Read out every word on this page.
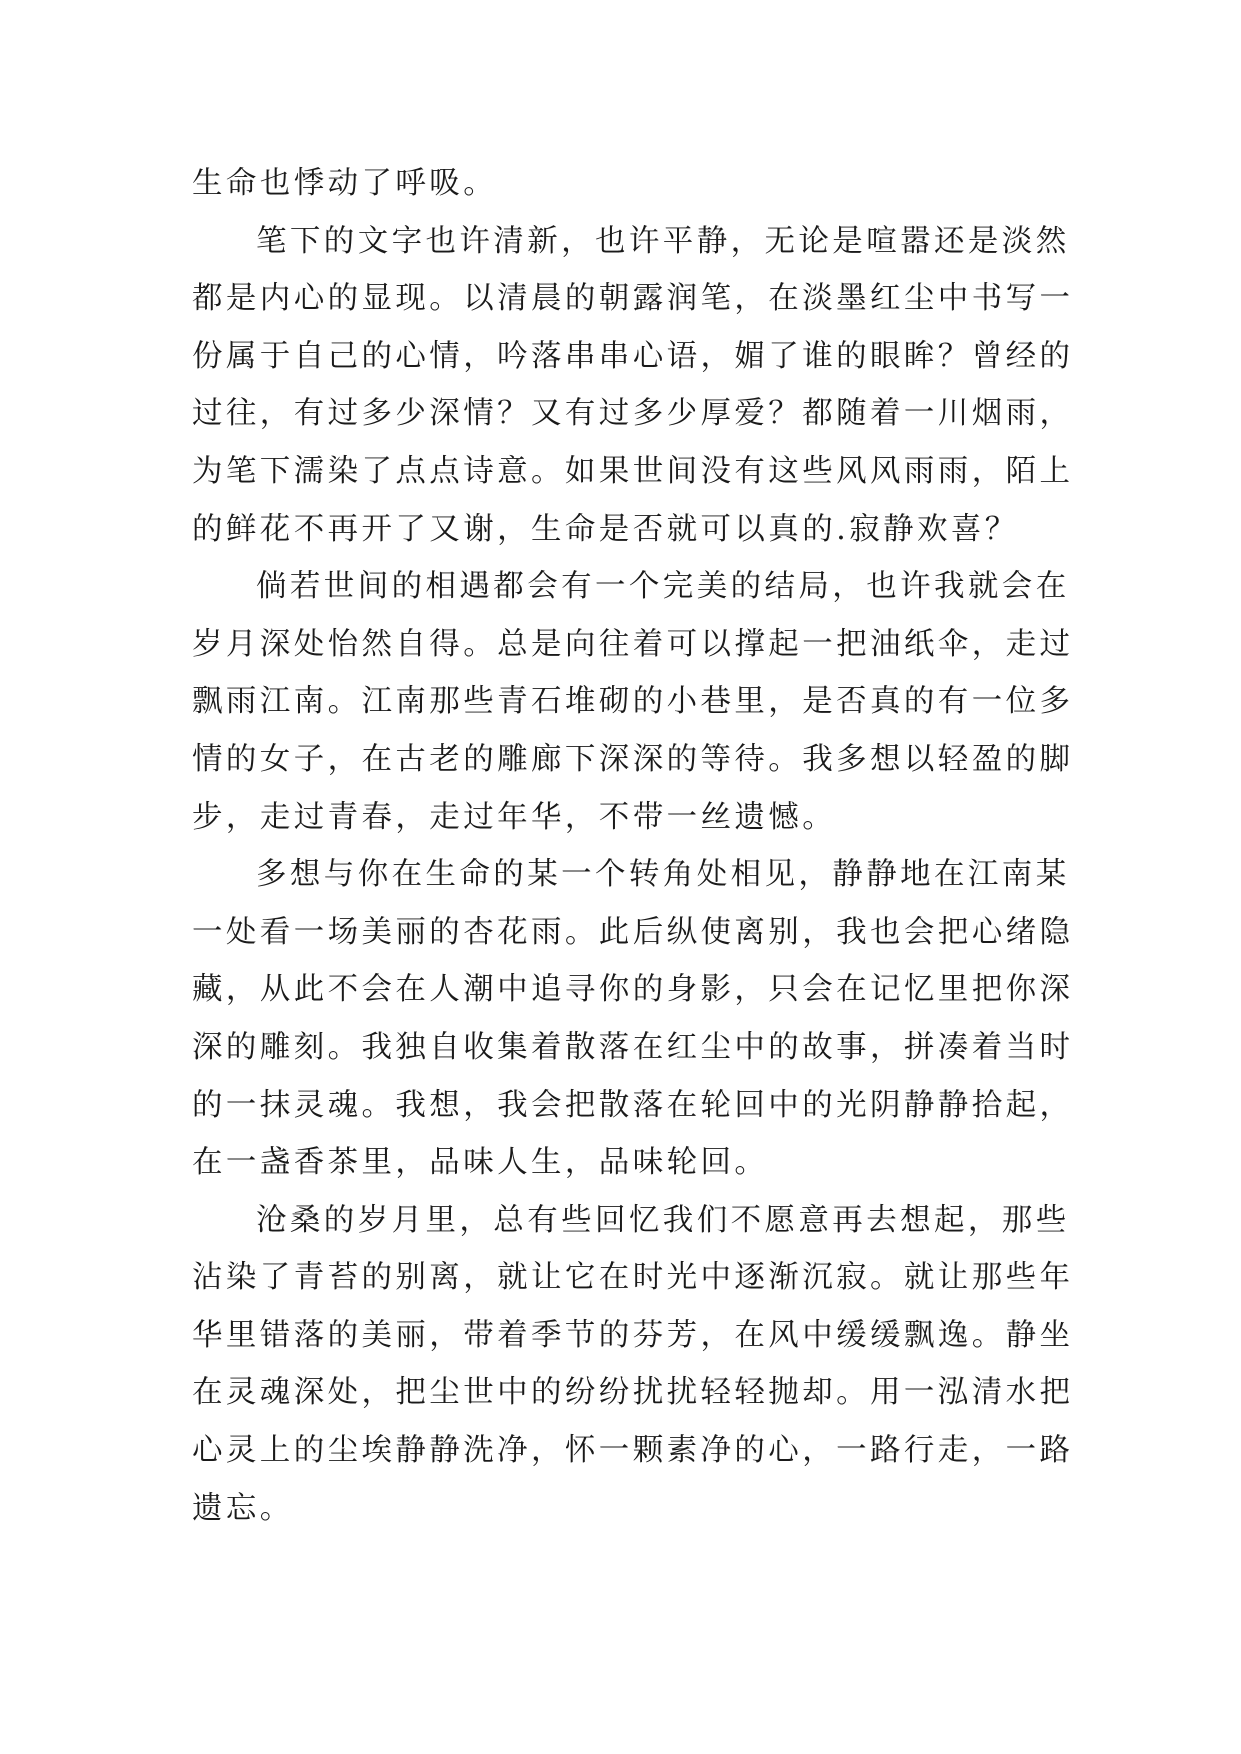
生命也悸动了呼吸。
笔下的文字也许清新，也许平静，无论是喧嚣还是淡然
都是内心的显现。以清晨的朝露润笔，在淡墨红尘中书写一
份属于自己的心情，吟落串串心语，媚了谁的眼眸？曾经的
过往，有过多少深情？又有过多少厚爱？都随着一川烟雨，
为笔下濡染了点点诗意。如果世间没有这些风风雨雨，陌上
的鲜花不再开了又谢，生命是否就可以真的.寂静欢喜？
倘若世间的相遇都会有一个完美的结局，也许我就会在
岁月深处怡然自得。总是向往着可以撑起一把油纸伞，走过
飘雨江南。江南那些青石堆砌的小巷里，是否真的有一位多
情的女子，在古老的雕廊下深深的等待。我多想以轻盈的脚
步，走过青春，走过年华，不带一丝遗憾。
多想与你在生命的某一个转角处相见，静静地在江南某
一处看一场美丽的杏花雨。此后纵使离别，我也会把心绪隐
藏，从此不会在人潮中追寻你的身影，只会在记忆里把你深
深的雕刻。我独自收集着散落在红尘中的故事，拼凑着当时
的一抹灵魂。我想，我会把散落在轮回中的光阴静静拾起，
在一盏香茶里，品味人生，品味轮回。
沧桑的岁月里，总有些回忆我们不愿意再去想起，那些
沾染了青苔的别离，就让它在时光中逐渐沉寂。就让那些年
华里错落的美丽，带着季节的芬芳，在风中缓缓飘逸。静坐
在灵魂深处，把尘世中的纷纷扰扰轻轻抛却。用一泓清水把
心灵上的尘埃静静洗净，怀一颗素净的心，一路行走，一路
遗忘。
